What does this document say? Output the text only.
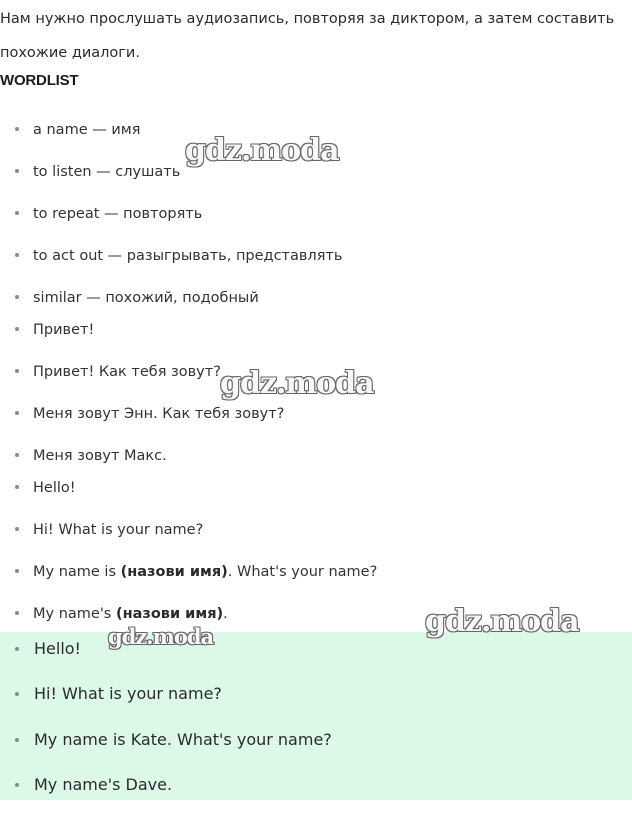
Нам нужно прослушать аудиозапись, повторяя за диктором, а затем составить
похожие диалоги.
WORDLIST
a name — имя
to listen — слушать
to repeat — повторять
to act out — разыгрывать, представлять
similar — похожий, подобный
Привет!
Привет! Как тебя зовут?
Меня зовут Энн. Как тебя зовут?
Меня зовут Макс.
Hello!
Hi! What is your name?
My name is (назови имя). What's your name?
My name's (назови имя).
Hello!
Hi! What is your name?
My name is Kate. What's your name?
My name's Dave.
gdz.moda
gdz.moda
gdz.moda
gdz.moda
